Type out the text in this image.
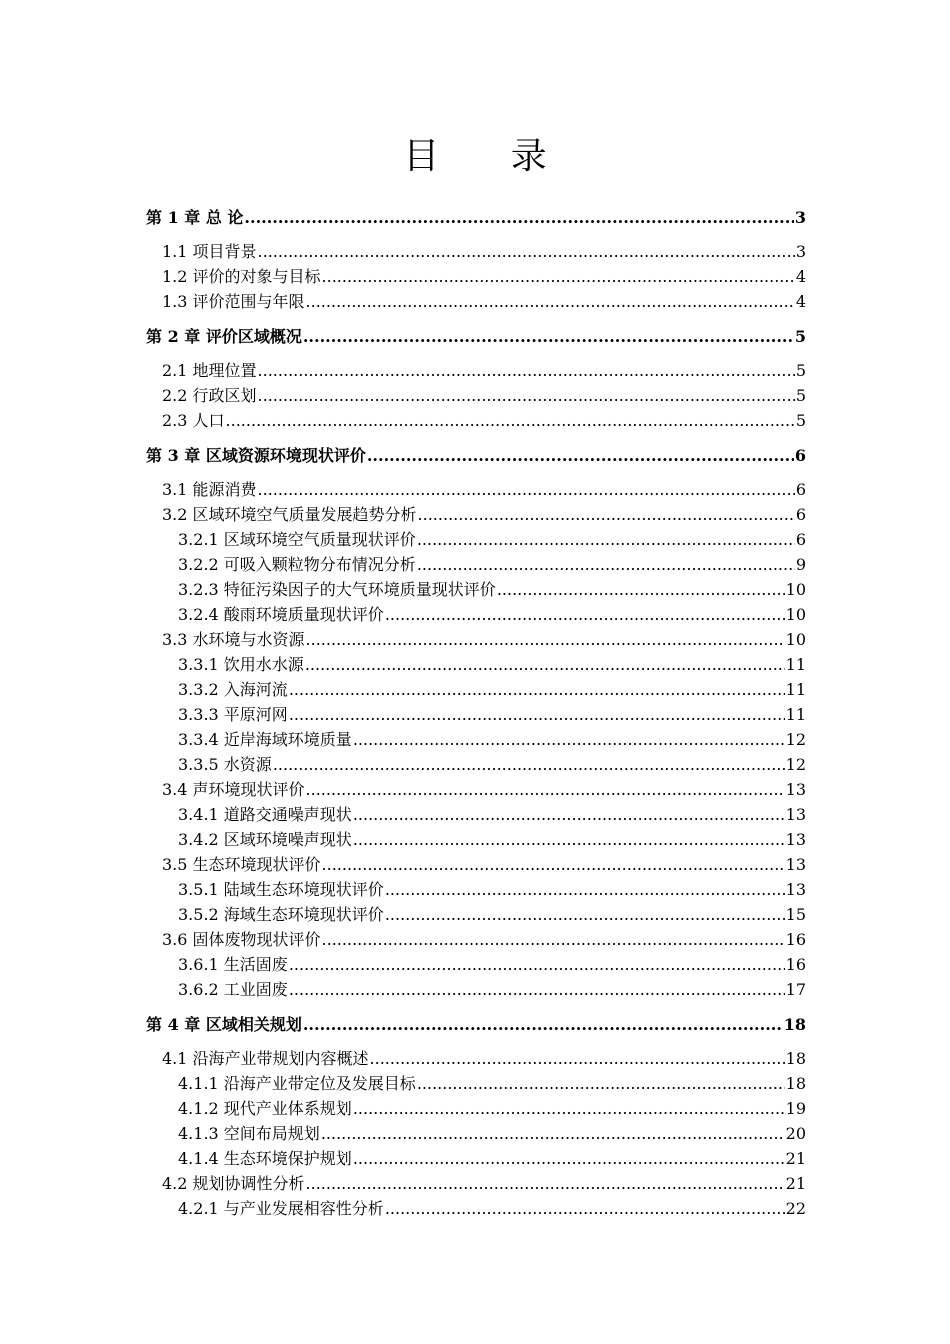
目 录
第 1 章 总 论 .....	3
1.1 项目背景 .....	3
1.2 评价的对象与目标 .....	4
1.3 评价范围与年限 .....	4
第 2 章 评价区域概况 .....	5
2.1 地理位置 .....	5
2.2 行政区划 .....	5
2.3 人口 .....	5
第 3 章 区域资源环境现状评价 .....	6
3.1 能源消费 .....	6
3.2 区域环境空气质量发展趋势分析 .....	6
3.2.1 区域环境空气质量现状评价 .....	6
3.2.2 可吸入颗粒物分布情况分析 .....	9
3.2.3 特征污染因子的大气环境质量现状评价 .....	10
3.2.4 酸雨环境质量现状评价 .....	10
3.3 水环境与水资源 .....	10
3.3.1 饮用水水源 .....	11
3.3.2 入海河流 .....	11
3.3.3 平原河网 .....	11
3.3.4 近岸海域环境质量 .....	12
3.3.5 水资源 .....	12
3.4 声环境现状评价 .....	13
3.4.1 道路交通噪声现状 .....	13
3.4.2 区域环境噪声现状 .....	13
3.5 生态环境现状评价 .....	13
3.5.1 陆域生态环境现状评价 .....	13
3.5.2 海域生态环境现状评价 .....	15
3.6 固体废物现状评价 .....	16
3.6.1 生活固废 .....	16
3.6.2 工业固废 .....	17
第 4 章 区域相关规划 .....	18
4.1 沿海产业带规划内容概述 .....	18
4.1.1 沿海产业带定位及发展目标 .....	18
4.1.2 现代产业体系规划 .....	19
4.1.3 空间布局规划 .....	20
4.1.4 生态环境保护规划 .....	21
4.2 规划协调性分析 .....	21
4.2.1 与产业发展相容性分析 .....	22
